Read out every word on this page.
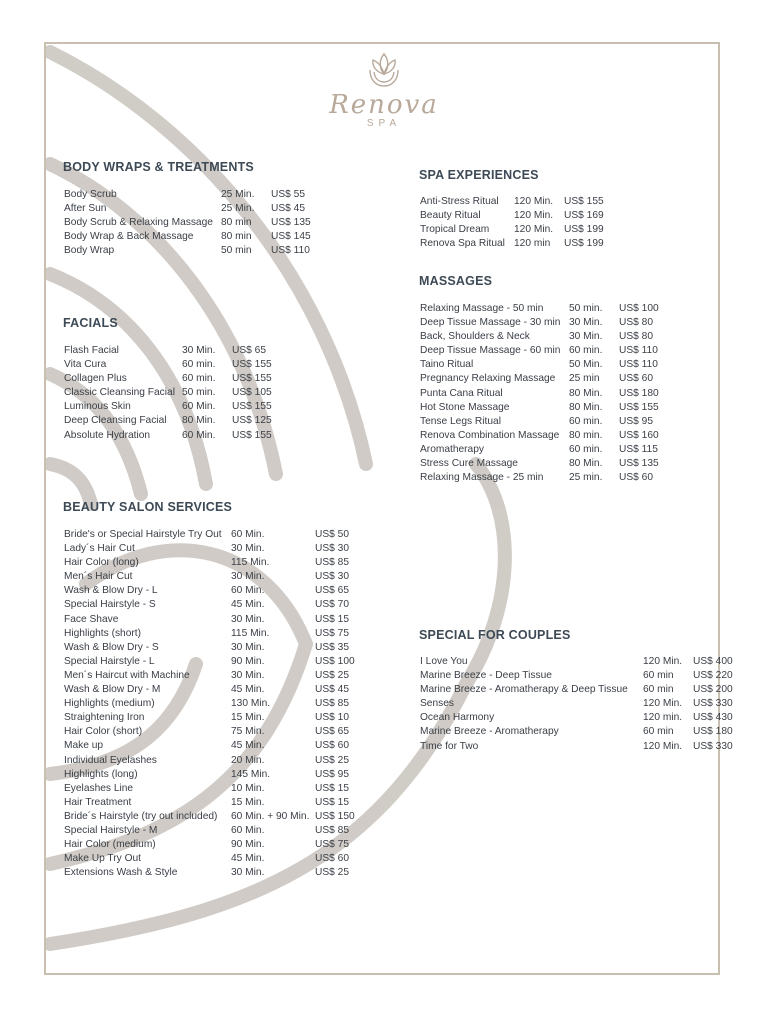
Renova
SPA
BODY WRAPS & TREATMENTS
Body Scrub	25 Min. US$ 55
After Sun	25 Min. US$ 45
Body Scrub & Relaxing Massage 80 min US$ 135
Body Wrap & Back Massage	80 min US$ 145
Body Wrap	50 min US$ 110
FACIALS
Flash Facial	30 Min. US$ 65
Vita Cura	60 min. US$ 155
Collagen Plus	60 min. US$ 155
Classic Cleansing Facial 50 min. US$ 105
Luminous Skin	60 Min. US$ 155
Deep Cleansing Facial 80 Min. US$ 125
Absolute Hydration	60 Min. US$ 155
BEAUTY SALON SERVICES
Bride's or Special Hairstyle Try Out 60 Min.	US$ 50
Lady´s Hair Cut	30 Min.	US$ 30
Hair Color (long)	115 Min.	US$ 85
Men´s Hair Cut	30 Min.	US$ 30
Wash & Blow Dry - L	60 Min.	US$ 65
Special Hairstyle - S	45 Min.	US$ 70
Face Shave	30 Min.	US$ 15
Highlights (short)	115 Min.	US$ 75
Wash & Blow Dry - S	30 Min.	US$ 35
Special Hairstyle - L	90 Min.	US$ 100
Men´s Haircut with Machine	30 Min.	US$ 25
Wash & Blow Dry - M	45 Min.	US$ 45
Highlights (medium)	130 Min.	US$ 85
Straightening Iron	15 Min.	US$ 10
Hair Color (short)	75 Min.	US$ 65
Make up	45 Min.	US$ 60
Individual Eyelashes	20 Min.	US$ 25
Highlights (long)	145 Min.	US$ 95
Eyelashes Line	10 Min.	US$ 15
Hair Treatment	15 Min.	US$ 15
Bride´s Hairstyle (try out included) 60 Min. + 90 Min. US$ 150
Special Hairstyle - M	60 Min.	US$ 85
Hair Color (medium)	90 Min.	US$ 75
Make Up Try Out	45 Min.	US$ 60
Extensions Wash & Style	30 Min.	US$ 25
SPA EXPERIENCES
Anti-Stress Ritual 120 Min. US$ 155
Beauty Ritual	120 Min. US$ 169
Tropical Dream 120 Min. US$ 199
Renova Spa Ritual 120 min US$ 199
MASSAGES
Relaxing Massage - 50 min	50 min. US$ 100
Deep Tissue Massage - 30 min 30 Min. US$ 80
Back, Shoulders & Neck	30 Min. US$ 80
Deep Tissue Massage - 60 min 60 min. US$ 110
Taino Ritual	50 Min. US$ 110
Pregnancy Relaxing Massage 25 min US$ 60
Punta Cana Ritual	80 Min. US$ 180
Hot Stone Massage	80 Min. US$ 155
Tense Legs Ritual	60 min. US$ 95
Renova Combination Massage 80 min. US$ 160
Aromatherapy	60 min. US$ 115
Stress Cure Massage	80 Min. US$ 135
Relaxing Massage - 25 min	25 min. US$ 60
SPECIAL FOR COUPLES
I Love You	120 Min. US$ 400
Marine Breeze - Deep Tissue	60 min US$ 220
Marine Breeze - Aromatherapy & Deep Tissue 60 min US$ 200
Senses	120 Min. US$ 330
Ocean Harmony	120 min. US$ 430
Marine Breeze - Aromatherapy	60 min US$ 180
Time for Two	120 Min. US$ 330
